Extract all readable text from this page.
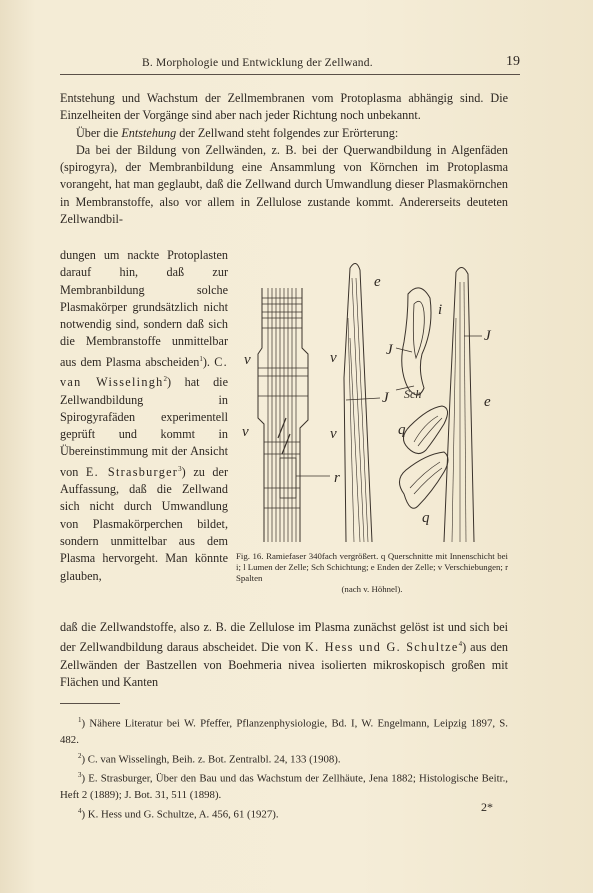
B. Morphologie und Entwicklung der Zellwand.	19

Entstehung und Wachstum der Zellmembranen vom Protoplasma abhängig sind. Die Einzelheiten der Vorgänge sind aber nach jeder Richtung noch unbekannt.

Über die Entstehung der Zellwand steht folgendes zur Erörterung:

Da bei der Bildung von Zellwänden, z. B. bei der Querwandbildung in Algenfäden (spirogyra), der Membranbildung eine Ansammlung von Körnchen im Protoplasma vorangeht, hat man geglaubt, daß die Zellwand durch Umwandlung dieser Plasmakörnchen in Membranstoffe, also vor allem in Zellulose zustande kommt. Andererseits deuteten Zellwandbil-

dungen um nackte Protoplasten darauf hin, daß zur Membranbildung solche Plasmakörper grundsätzlich nicht notwendig sind, sondern daß sich die Membranstoffe unmittelbar aus dem Plasma abscheiden$^1$). C. van Wisselingh$^2$) hat die Zellwandbildung in Spirogyrafäden experimentell geprüft und kommt in Übereinstimmung mit der Ansicht von E. Strasburger$^3$) zu der Auffassung, daß die Zellwand sich nicht durch Umwandlung von Plasmakörperchen bildet, sondern unmittelbar aus dem Plasma hervorgeht. Man könnte glauben,

e
i
J
J
J Sch	e
q
q
v	v
v	v
r
Fig. 16. Ramiefaser 340fach vergrößert. q Querschnitte mit Innenschicht bei i; l Lumen der Zelle; Sch Schichtung; e Enden der Zelle; v Verschiebungen; r Spalten
(nach v. Höhnel).

daß die Zellwandstoffe, also z. B. die Zellulose im Plasma zunächst gelöst ist und sich bei der Zellwandbildung daraus abscheidet. Die von K. Hess und G. Schultze$^4$) aus den Zellwänden der Bastzellen von Boehmeria nivea isolierten mikroskopisch großen mit Flächen und Kanten

$^1$) Nähere Literatur bei W. Pfeffer, Pflanzenphysiologie, Bd. I, W. Engelmann, Leipzig 1897, S. 482.

$^2$) C. van Wisselingh, Beih. z. Bot. Zentralbl. 24, 133 (1908).

$^3$) E. Strasburger, Über den Bau und das Wachstum der Zellhäute, Jena 1882; Histologische Beitr., Heft 2 (1889); J. Bot. 31, 511 (1898).

$^4$) K. Hess und G. Schultze, A. 456, 61 (1927).

2*
